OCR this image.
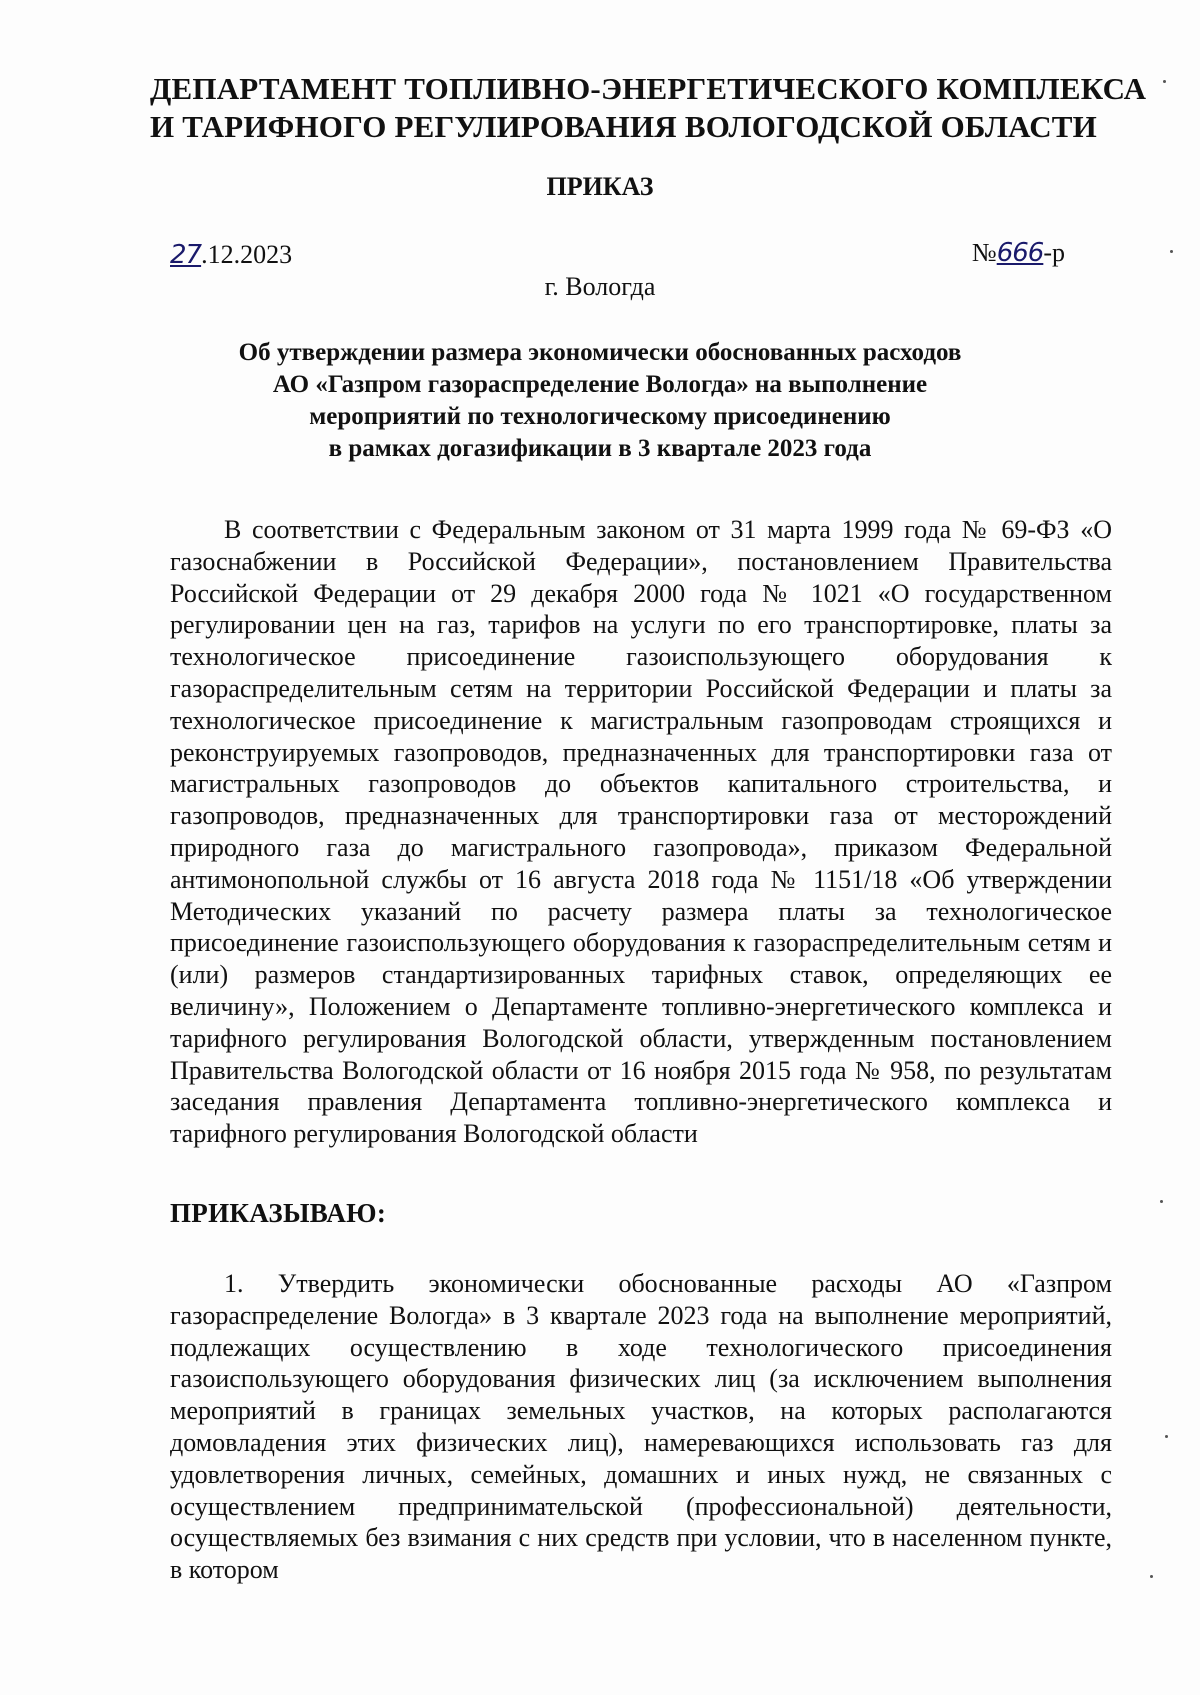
ДЕПАРТАМЕНТ ТОПЛИВНО-ЭНЕРГЕТИЧЕСКОГО КОМПЛЕКСА
И ТАРИФНОГО РЕГУЛИРОВАНИЯ ВОЛОГОДСКОЙ ОБЛАСТИ
ПРИКАЗ
27.12.2023	№666-р
г. Вологда
Об утверждении размера экономически обоснованных расходов
АО «Газпром газораспределение Вологда» на выполнение
мероприятий по технологическому присоединению
в рамках догазификации в 3 квартале 2023 года

В соответствии с Федеральным законом от 31 марта 1999 года № 69-ФЗ «О газоснабжении в Российской Федерации», постановлением Правительства Российской Федерации от 29 декабря 2000 года № 1021 «О государственном регулировании цен на газ, тарифов на услуги по его транспортировке, платы за технологическое присоединение газоиспользующего оборудования к газораспределительным сетям на территории Российской Федерации и платы за технологическое присоединение к магистральным газопроводам строящихся и реконструируемых газопроводов, предназначенных для транспортировки газа от магистральных газопроводов до объектов капитального строительства, и газопроводов, предназначенных для транспортировки газа от месторождений природного газа до магистрального газопровода», приказом Федеральной антимонопольной службы от 16 августа 2018 года № 1151/18 «Об утверждении Методических указаний по расчету размера платы за технологическое присоединение газоиспользующего оборудования к газораспределительным сетям и (или) размеров стандартизированных тарифных ставок, определяющих ее величину», Положением о Департаменте топливно-энергетического комплекса и тарифного регулирования Вологодской области, утвержденным постановлением Правительства Вологодской области от 16 ноября 2015 года № 958, по результатам заседания правления Департамента топливно-энергетического комплекса и тарифного регулирования Вологодской области

ПРИКАЗЫВАЮ:

1. Утвердить экономически обоснованные расходы АО «Газпром газораспределение Вологда» в 3 квартале 2023 года на выполнение мероприятий, подлежащих осуществлению в ходе технологического присоединения газоиспользующего оборудования физических лиц (за исключением выполнения мероприятий в границах земельных участков, на которых располагаются домовладения этих физических лиц), намеревающихся использовать газ для удовлетворения личных, семейных, домашних и иных нужд, не связанных с осуществлением предпринимательской (профессиональной) деятельности, осуществляемых без взимания с них средств при условии, что в населенном пункте, в котором
